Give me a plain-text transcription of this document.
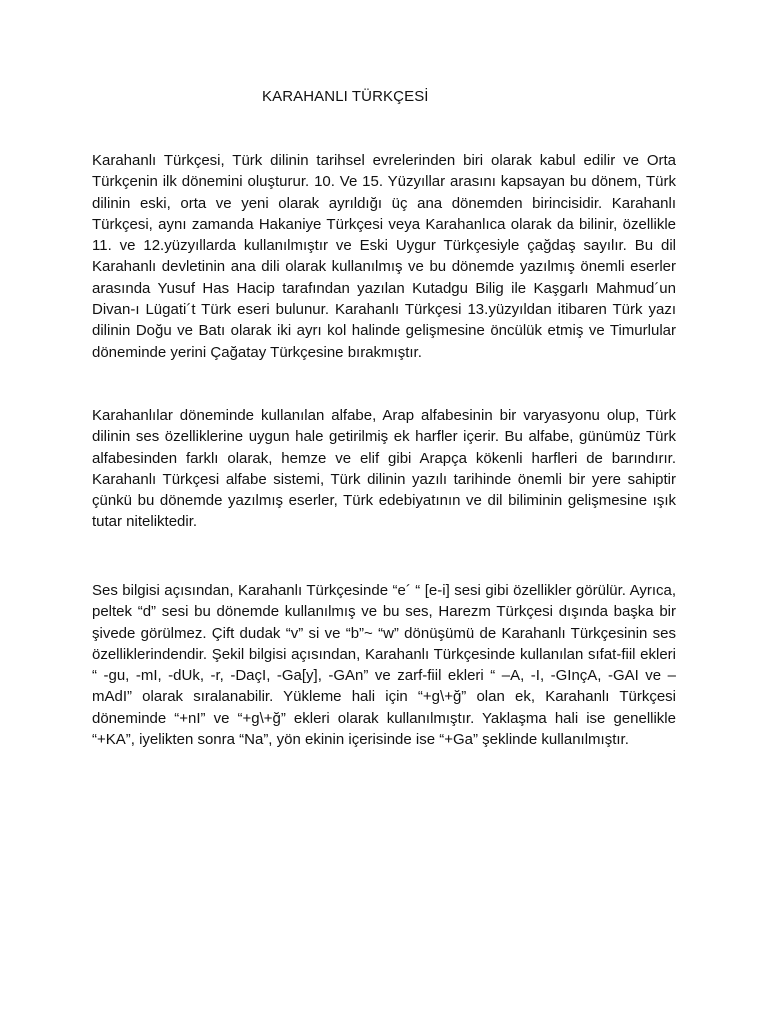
KARAHANLI TÜRKÇESİ

Karahanlı Türkçesi, Türk dilinin tarihsel evrelerinden biri olarak kabul edilir ve Orta Türkçenin ilk dönemini oluşturur. 10. Ve 15. Yüzyıllar arasını kapsayan bu dönem, Türk dilinin eski, orta ve yeni olarak ayrıldığı üç ana dönemden birincisidir. Karahanlı Türkçesi, aynı zamanda Hakaniye Türkçesi veya Karahanlıca olarak da bilinir, özellikle 11. ve 12.yüzyıllarda kullanılmıştır ve Eski Uygur Türkçesiyle çağdaş sayılır. Bu dil Karahanlı devletinin ana dili olarak kullanılmış ve bu dönemde yazılmış önemli eserler arasında Yusuf Has Hacip tarafından yazılan Kutadgu Bilig ile Kaşgarlı Mahmud´un Divan-ı Lügati´t Türk eseri bulunur. Karahanlı Türkçesi 13.yüzyıldan itibaren Türk yazı dilinin Doğu ve Batı olarak iki ayrı kol halinde gelişmesine öncülük etmiş ve Timurlular döneminde yerini Çağatay Türkçesine bırakmıştır.

Karahanlılar döneminde kullanılan alfabe, Arap alfabesinin bir varyasyonu olup, Türk dilinin ses özelliklerine uygun hale getirilmiş ek harfler içerir. Bu alfabe, günümüz Türk alfabesinden farklı olarak, hemze ve elif gibi Arapça kökenli harfleri de barındırır. Karahanlı Türkçesi alfabe sistemi, Türk dilinin yazılı tarihinde önemli bir yere sahiptir çünkü bu dönemde yazılmış eserler, Türk edebiyatının ve dil biliminin gelişmesine ışık tutar niteliktedir.

Ses bilgisi açısından, Karahanlı Türkçesinde “e´ “ [e-i] sesi gibi özellikler görülür. Ayrıca, peltek “d” sesi bu dönemde kullanılmış ve bu ses, Harezm Türkçesi dışında başka bir şivede görülmez. Çift dudak “v” si ve “b”~ “w” dönüşümü de Karahanlı Türkçesinin ses özelliklerindendir. Şekil bilgisi açısından, Karahanlı Türkçesinde kullanılan sıfat-fiil ekleri “ -gu, -mI, -dUk, -r, -DaçI, -Ga[y], -GAn” ve zarf-fiil ekleri “ –A, -I, -GInçA, -GAI ve –mAdI” olarak sıralanabilir. Yükleme hali için “+g\+ğ” olan ek, Karahanlı Türkçesi döneminde “+nI” ve “+g\+ğ” ekleri olarak kullanılmıştır. Yaklaşma hali ise genellikle “+KA”, iyelikten sonra “Na”, yön ekinin içerisinde ise “+Ga” şeklinde kullanılmıştır.
